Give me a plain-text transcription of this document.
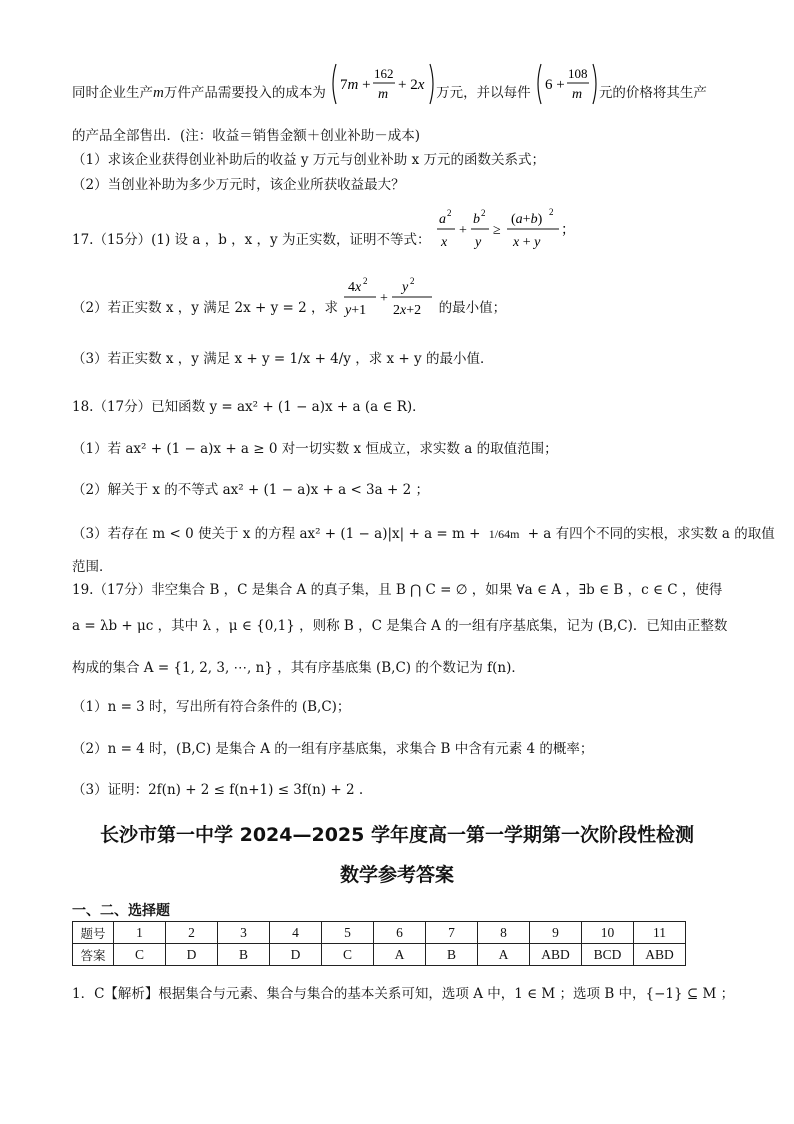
同时企业生产m万件产品需要投入的成本为 7m +
162
m
+ 2x 万元，并以每件 6 +
108
m 元的价格将其生产
的产品全部售出．(注：收益＝销售金额＋创业补助－成本)
（1）求该企业获得创业补助后的收益 y 万元与创业补助 x 万元的函数关系式；
（2）当创业补助为多少万元时，该企业所获收益最大？
17.（15分）(1) 设 a ，b ，x ，y 为正实数，证明不等式：
a 2
x
+
b 2
y
≥
(a+b) 2
x + y
；
（2）若正实数 x ，y 满足 2x + y = 2 ，求
4x 2
y+1
+
y 2
2x+2 的最小值；
（3）若正实数 x ，y 满足 x + y = 1/x + 4/y ，求 x + y 的最小值．
18.（17分）已知函数 y = ax² + (1 − a)x + a (a ∈ R)．
（1）若 ax² + (1 − a)x + a ≥ 0 对一切实数 x 恒成立，求实数 a 的取值范围；
（2）解关于 x 的不等式 ax² + (1 − a)x + a < 3a + 2 ；
（3）若存在 m < 0 使关于 x 的方程 ax² + (1 − a)|x| + a = m + 1/64m + a 有四个不同的实根，求实数 a 的取值
范围．
19.（17分）非空集合 B ，C 是集合 A 的真子集，且 B ⋂ C = ∅ ，如果 ∀a ∈ A ，∃b ∈ B ，c ∈ C ，使得
a = λb + μc ，其中 λ ，μ ∈ {0,1} ，则称 B ，C 是集合 A 的一组有序基底集，记为 (B,C)．已知由正整数
构成的集合 A = {1, 2, 3, ⋯, n} ，其有序基底集 (B,C) 的个数记为 f(n)．
（1）n = 3 时，写出所有符合条件的 (B,C)；
（2）n = 4 时，(B,C) 是集合 A 的一组有序基底集，求集合 B 中含有元素 4 的概率；
（3）证明：2f(n) + 2 ≤ f(n+1) ≤ 3f(n) + 2 .
长沙市第一中学 2024—2025 学年度高一第一学期第一次阶段性检测
数学参考答案
一、二、选择题
题号	1	2	3	4	5	6	7	8	9	10	11
答案	C	D	B	D	C	A	B	A	ABD	BCD	ABD
1．C【解析】根据集合与元素、集合与集合的基本关系可知，选项 A 中，1 ∈ M ；选项 B 中，{−1} ⊆ M ；
